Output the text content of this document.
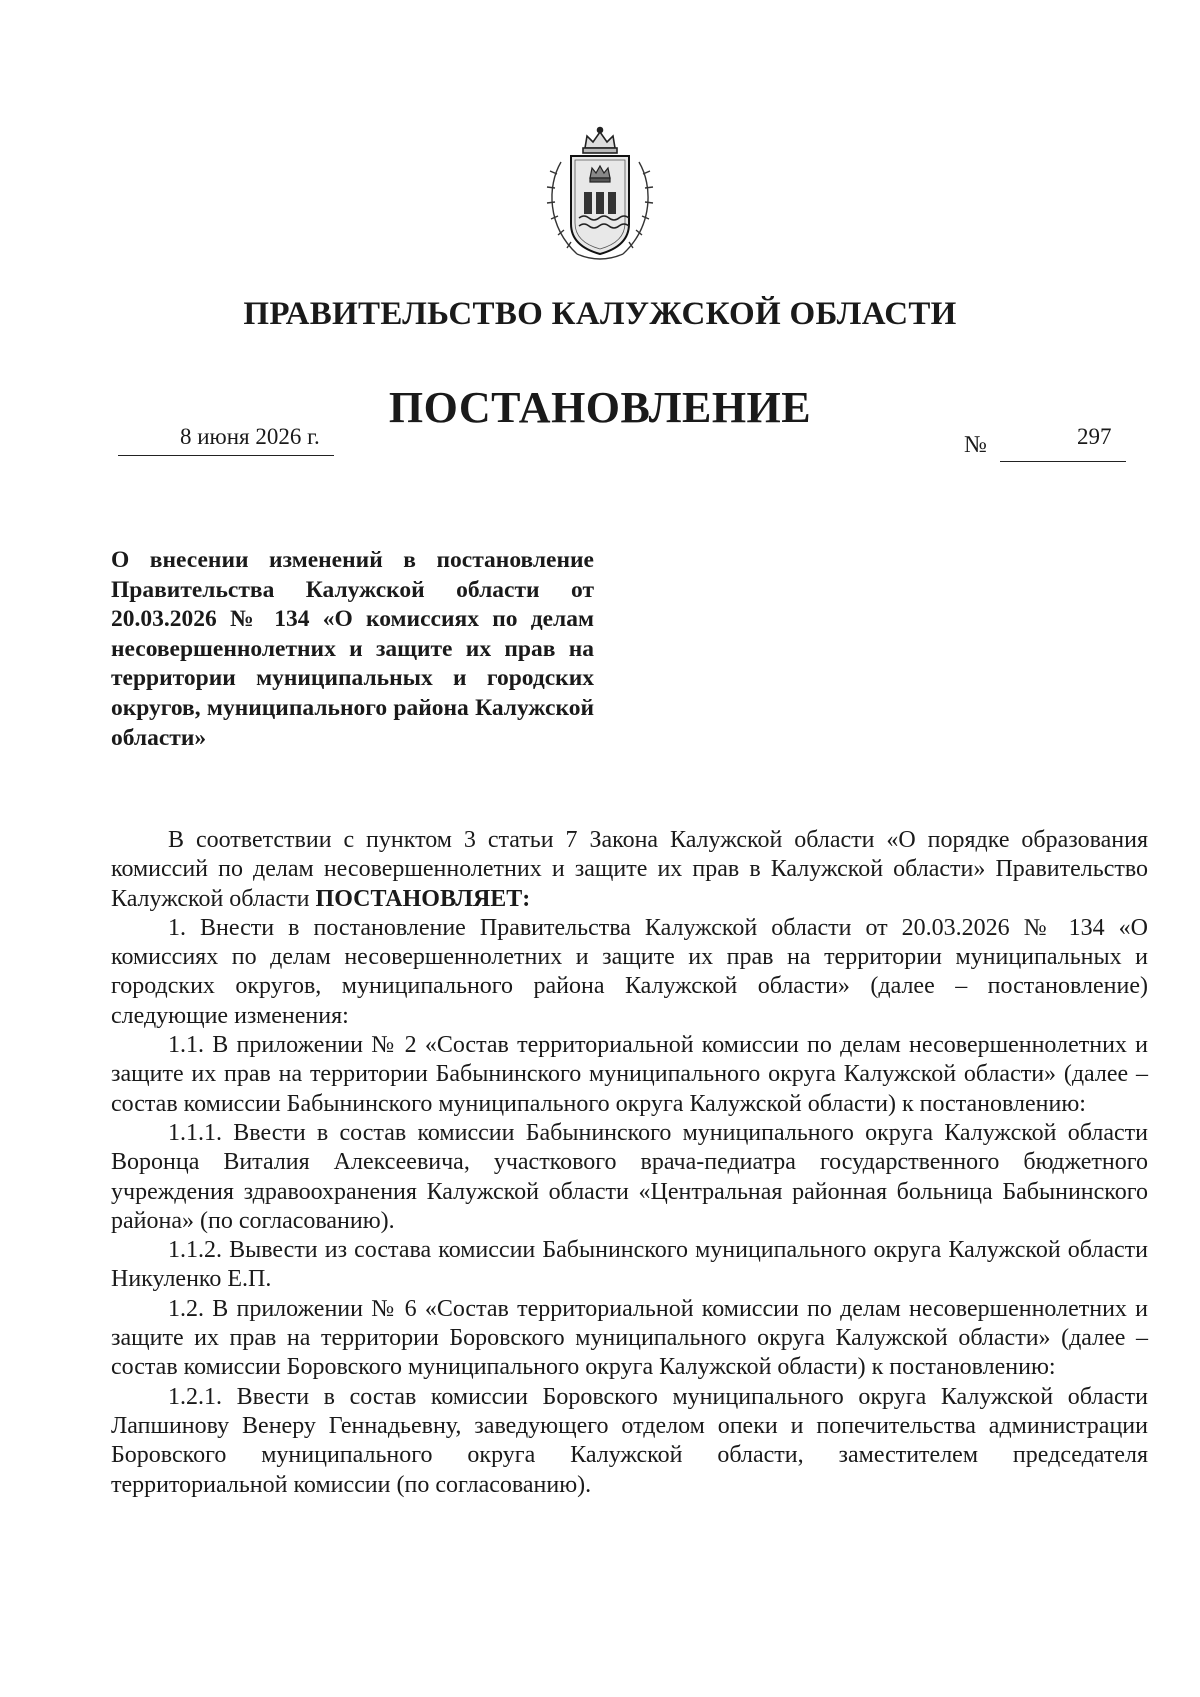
ПРАВИТЕЛЬСТВО КАЛУЖСКОЙ ОБЛАСТИ
ПОСТАНОВЛЕНИЕ
8 июня 2026 г.	№	297
О внесении изменений в постановление Правительства Калужской области от 20.03.2026 № 134 «О комиссиях по делам несовершеннолетних и защите их прав на территории муниципальных и городских округов, муниципального района Калужской области»

В соответствии с пунктом 3 статьи 7 Закона Калужской области «О порядке образования комиссий по делам несовершеннолетних и защите их прав в Калужской области» Правительство Калужской области ПОСТАНОВЛЯЕТ:

1. Внести в постановление Правительства Калужской области от 20.03.2026 № 134 «О комиссиях по делам несовершеннолетних и защите их прав на территории муниципальных и городских округов, муниципального района Калужской области» (далее – постановление) следующие изменения:

1.1. В приложении № 2 «Состав территориальной комиссии по делам несовершеннолетних и защите их прав на территории Бабынинского муниципального округа Калужской области» (далее – состав комиссии Бабынинского муниципального округа Калужской области) к постановлению:

1.1.1. Ввести в состав комиссии Бабынинского муниципального округа Калужской области Воронца Виталия Алексеевича, участкового врача-педиатра государственного бюджетного учреждения здравоохранения Калужской области «Центральная районная больница Бабынинского района» (по согласованию).

1.1.2. Вывести из состава комиссии Бабынинского муниципального округа Калужской области Никуленко Е.П.

1.2. В приложении № 6 «Состав территориальной комиссии по делам несовершеннолетних и защите их прав на территории Боровского муниципального округа Калужской области» (далее – состав комиссии Боровского муниципального округа Калужской области) к постановлению:

1.2.1. Ввести в состав комиссии Боровского муниципального округа Калужской области Лапшинову Венеру Геннадьевну, заведующего отделом опеки и попечительства администрации Боровского муниципального округа Калужской области, заместителем председателя территориальной комиссии (по согласованию).
